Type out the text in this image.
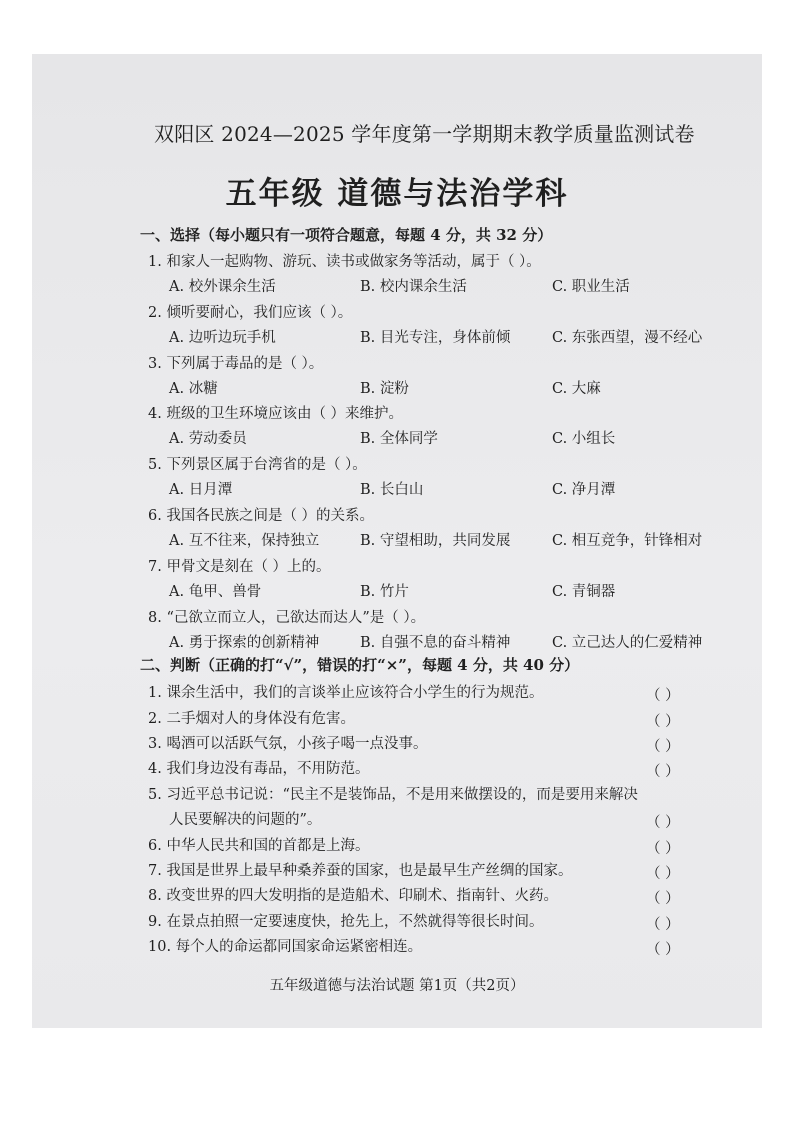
双阳区 2024—2025 学年度第一学期期末教学质量监测试卷
五年级 道德与法治学科
一、选择（每小题只有一项符合题意，每题 4 分，共 32 分）
1. 和家人一起购物、游玩、读书或做家务等活动，属于（ ）。
A. 校外课余生活	B. 校内课余生活	C. 职业生活
2. 倾听要耐心，我们应该（ ）。
A. 边听边玩手机	B. 目光专注，身体前倾	C. 东张西望，漫不经心
3. 下列属于毒品的是（ ）。
A. 冰糖	B. 淀粉	C. 大麻
4. 班级的卫生环境应该由（ ）来维护。
A. 劳动委员	B. 全体同学	C. 小组长
5. 下列景区属于台湾省的是（ ）。
A. 日月潭	B. 长白山	C. 净月潭
6. 我国各民族之间是（ ）的关系。
A. 互不往来，保持独立	B. 守望相助，共同发展	C. 相互竞争，针锋相对
7. 甲骨文是刻在（ ）上的。
A. 龟甲、兽骨	B. 竹片	C. 青铜器
8. “己欲立而立人，己欲达而达人”是（ ）。
A. 勇于探索的创新精神	B. 自强不息的奋斗精神	C. 立己达人的仁爱精神
二、判断（正确的打“√”，错误的打“×”，每题 4 分，共 40 分）
1. 课余生活中，我们的言谈举止应该符合小学生的行为规范。	（ ）
2. 二手烟对人的身体没有危害。	（ ）
3. 喝酒可以活跃气氛，小孩子喝一点没事。	（ ）
4. 我们身边没有毒品，不用防范。	（ ）
5. 习近平总书记说：“民主不是装饰品，不是用来做摆设的，而是要用来解决
人民要解决的问题的”。	（ ）
6. 中华人民共和国的首都是上海。	（ ）
7. 我国是世界上最早种桑养蚕的国家，也是最早生产丝绸的国家。	（ ）
8. 改变世界的四大发明指的是造船术、印刷术、指南针、火药。	（ ）
9. 在景点拍照一定要速度快，抢先上，不然就得等很长时间。	（ ）
10. 每个人的命运都同国家命运紧密相连。	（ ）
五年级道德与法治试题 第1页（共2页）
